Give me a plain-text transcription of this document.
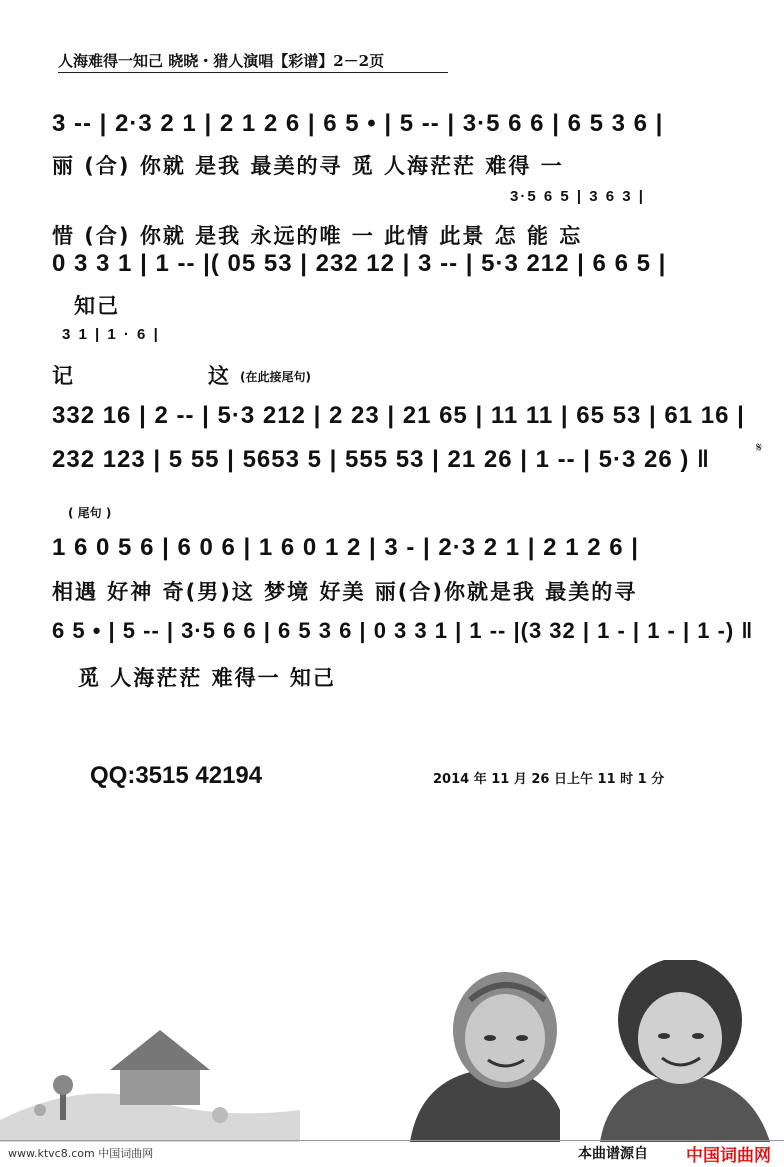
人海难得一知己 晓晓・猎人演唱【彩谱】2－2页
3 -- | 2·3 2 1 | 2 1 2 6 | 6 5 • | 5 -- | 3·5 6 6 | 6 5 3 6 |
丽 (合) 你就 是我 最美的寻 觅 人海茫茫 难得 一
3·5 6 5 | 3 6 3 |
惜 (合) 你就 是我 永远的唯 一 此情 此景 怎 能 忘
0 3 3 1 | 1 -- |( 05 53 | 232 12 | 3 -- | 5·3 212 | 6 6 5 |
知己
3 1 | 1 · 6 |
记	这 (在此接尾句)
332 16 | 2 -- | 5·3 212 | 2 23 | 21 65 | 11 11 | 65 53 | 61 16 |
232 123 | 5 55 | 5653 5 | 555 53 | 21 26 | 1 -- | 5·3 26 ) ‖	𝄋
( 尾句 )
1 6 0 5 6 | 6 0 6 | 1 6 0 1 2 | 3 - | 2·3 2 1 | 2 1 2 6 |
相遇 好神 奇(男)这 梦境 好美 丽(合)你就是我 最美的寻
6 5 • | 5 -- | 3·5 6 6 | 6 5 3 6 | 0 3 3 1 | 1 -- |(3 32 | 1 - | 1 - | 1 -) ‖
觅 人海茫茫 难得一 知己
QQ:3515 42194	2014 年 11 月 26 日上午 11 时 1 分
www.ktvc8.com 中国词曲网	本曲谱源自 中国词曲网
